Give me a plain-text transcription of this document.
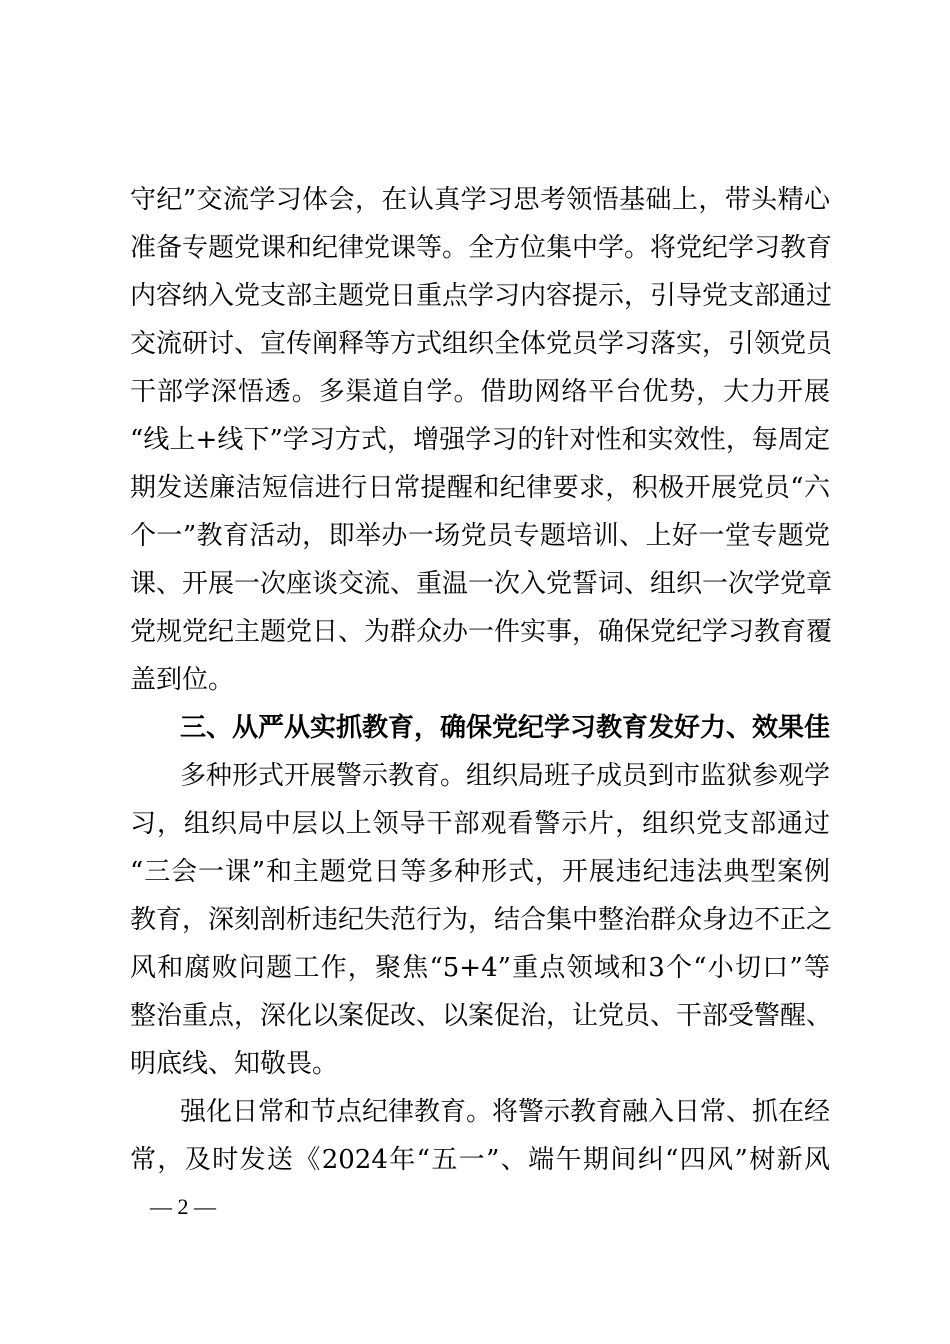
守纪”交流学习体会，在认真学习思考领悟基础上，带头精心
准备专题党课和纪律党课等。全方位集中学。将党纪学习教育
内容纳入党支部主题党日重点学习内容提示，引导党支部通过
交流研讨、宣传阐释等方式组织全体党员学习落实，引领党员
干部学深悟透。多渠道自学。借助网络平台优势，大力开展
“线上+线下”学习方式，增强学习的针对性和实效性，每周定
期发送廉洁短信进行日常提醒和纪律要求，积极开展党员“六
个一”教育活动，即举办一场党员专题培训、上好一堂专题党
课、开展一次座谈交流、重温一次入党誓词、组织一次学党章
党规党纪主题党日、为群众办一件实事，确保党纪学习教育覆
盖到位。
三、从严从实抓教育，确保党纪学习教育发好力、效果佳
多种形式开展警示教育。组织局班子成员到市监狱参观学
习，组织局中层以上领导干部观看警示片，组织党支部通过
“三会一课”和主题党日等多种形式，开展违纪违法典型案例
教育，深刻剖析违纪失范行为，结合集中整治群众身边不正之
风和腐败问题工作，聚焦“5+4”重点领域和3个“小切口”等
整治重点，深化以案促改、以案促治，让党员、干部受警醒、
明底线、知敬畏。
强化日常和节点纪律教育。将警示教育融入日常、抓在经
常，及时发送《2024年“五一”、端午期间纠“四风”树新风
— 2 —
